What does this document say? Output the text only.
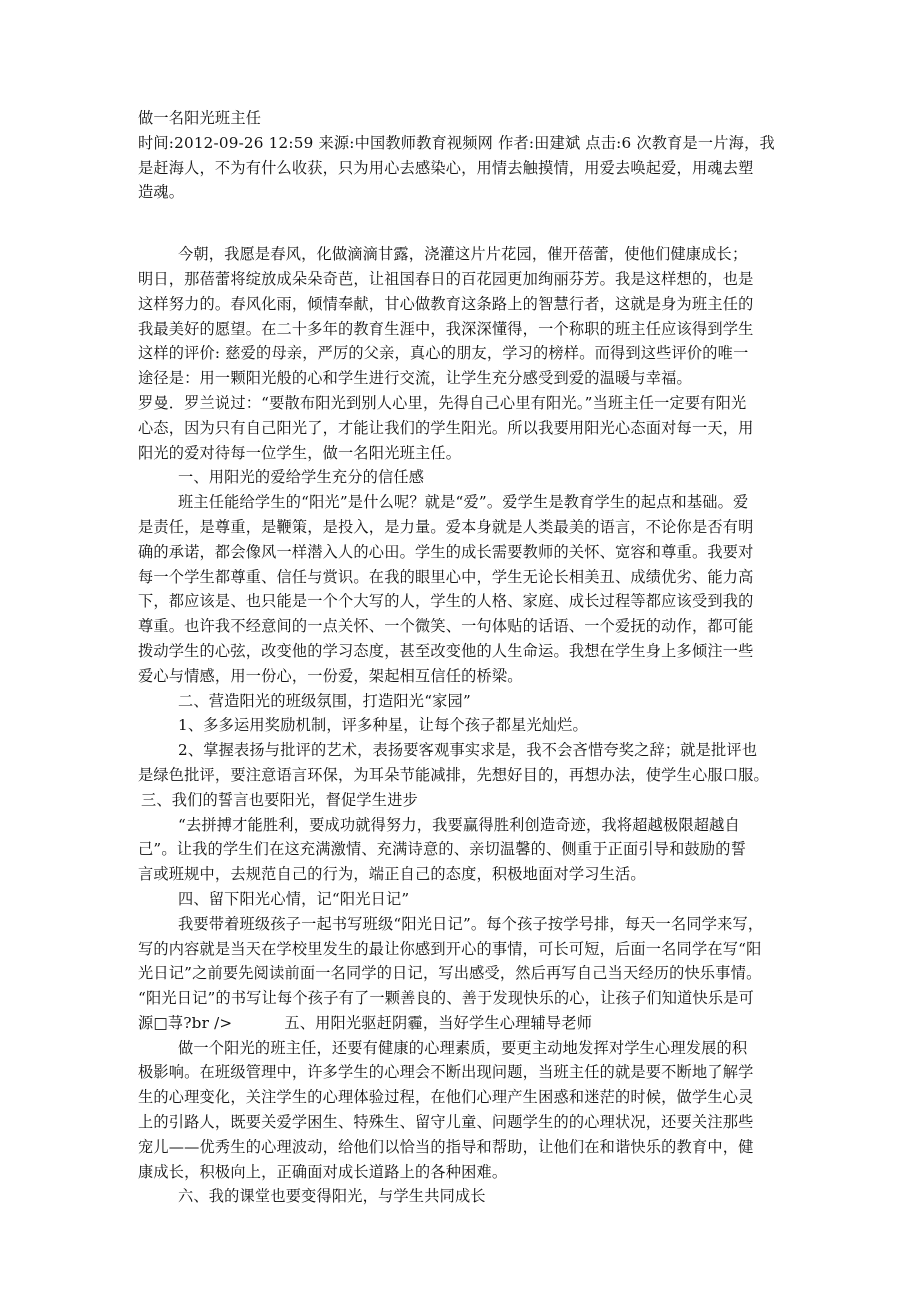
做一名阳光班主任
时间:2012-09-26 12:59 来源:中国教师教育视频网 作者:田建斌 点击:6 次教育是一片海，我
是赶海人，不为有什么收获，只为用心去感染心，用情去触摸情，用爱去唤起爱，用魂去塑
造魂。
今朝，我愿是春风，化做滴滴甘露，浇灌这片片花园，催开蓓蕾，使他们健康成长；
明日，那蓓蕾将绽放成朵朵奇芭，让祖国春日的百花园更加绚丽芬芳。我是这样想的，也是
这样努力的。春风化雨，倾情奉献，甘心做教育这条路上的智慧行者，这就是身为班主任的
我最美好的愿望。在二十多年的教育生涯中，我深深懂得，一个称职的班主任应该得到学生
这样的评价: 慈爱的母亲，严厉的父亲，真心的朋友，学习的榜样。而得到这些评价的唯一
途径是：用一颗阳光般的心和学生进行交流，让学生充分感受到爱的温暖与幸福。
罗曼．罗兰说过：“要散布阳光到别人心里，先得自己心里有阳光。”当班主任一定要有阳光
心态，因为只有自己阳光了，才能让我们的学生阳光。所以我要用阳光心态面对每一天，用
阳光的爱对待每一位学生，做一名阳光班主任。
一、用阳光的爱给学生充分的信任感
班主任能给学生的“阳光”是什么呢？就是“爱”。爱学生是教育学生的起点和基础。爱
是责任，是尊重，是鞭策，是投入，是力量。爱本身就是人类最美的语言，不论你是否有明
确的承诺，都会像风一样潜入人的心田。学生的成长需要教师的关怀、宽容和尊重。我要对
每一个学生都尊重、信任与赏识。在我的眼里心中，学生无论长相美丑、成绩优劣、能力高
下，都应该是、也只能是一个个大写的人，学生的人格、家庭、成长过程等都应该受到我的
尊重。也许我不经意间的一点关怀、一个微笑、一句体贴的话语、一个爱抚的动作，都可能
拨动学生的心弦，改变他的学习态度，甚至改变他的人生命运。我想在学生身上多倾注一些
爱心与情感，用一份心，一份爱，架起相互信任的桥梁。
二、营造阳光的班级氛围，打造阳光“家园”
1、多多运用奖励机制，评多种星，让每个孩子都星光灿烂。
2、掌握表扬与批评的艺术，表扬要客观事实求是，我不会吝惜夸奖之辞；就是批评也
是绿色批评，要注意语言环保，为耳朵节能减排，先想好目的，再想办法，使学生心服口服。
三、我们的誓言也要阳光，督促学生进步
“去拼搏才能胜利，要成功就得努力，我要赢得胜利创造奇迹，我将超越极限超越自
己”。让我的学生们在这充满激情、充满诗意的、亲切温馨的、侧重于正面引导和鼓励的誓
言或班规中，去规范自己的行为，端正自己的态度，积极地面对学习生活。
四、留下阳光心情，记“阳光日记”
我要带着班级孩子一起书写班级“阳光日记”。每个孩子按学号排，每天一名同学来写，
写的内容就是当天在学校里发生的最让你感到开心的事情，可长可短，后面一名同学在写“阳
光日记”之前要先阅读前面一名同学的日记，写出感受，然后再写自己当天经历的快乐事情。
“阳光日记”的书写让每个孩子有了一颗善良的、善于发现快乐的心，让孩子们知道快乐是可
源□荨?br />	五、用阳光驱赶阴霾，当好学生心理辅导老师
做一个阳光的班主任，还要有健康的心理素质，要更主动地发挥对学生心理发展的积
极影响。在班级管理中，许多学生的心理会不断出现问题，当班主任的就是要不断地了解学
生的心理变化，关注学生的心理体验过程，在他们心理产生困惑和迷茫的时候，做学生心灵
上的引路人，既要关爱学困生、特殊生、留守儿童、问题学生的的心理状况，还要关注那些
宠儿——优秀生的心理波动，给他们以恰当的指导和帮助，让他们在和谐快乐的教育中，健
康成长，积极向上，正确面对成长道路上的各种困难。
六、我的课堂也要变得阳光，与学生共同成长
